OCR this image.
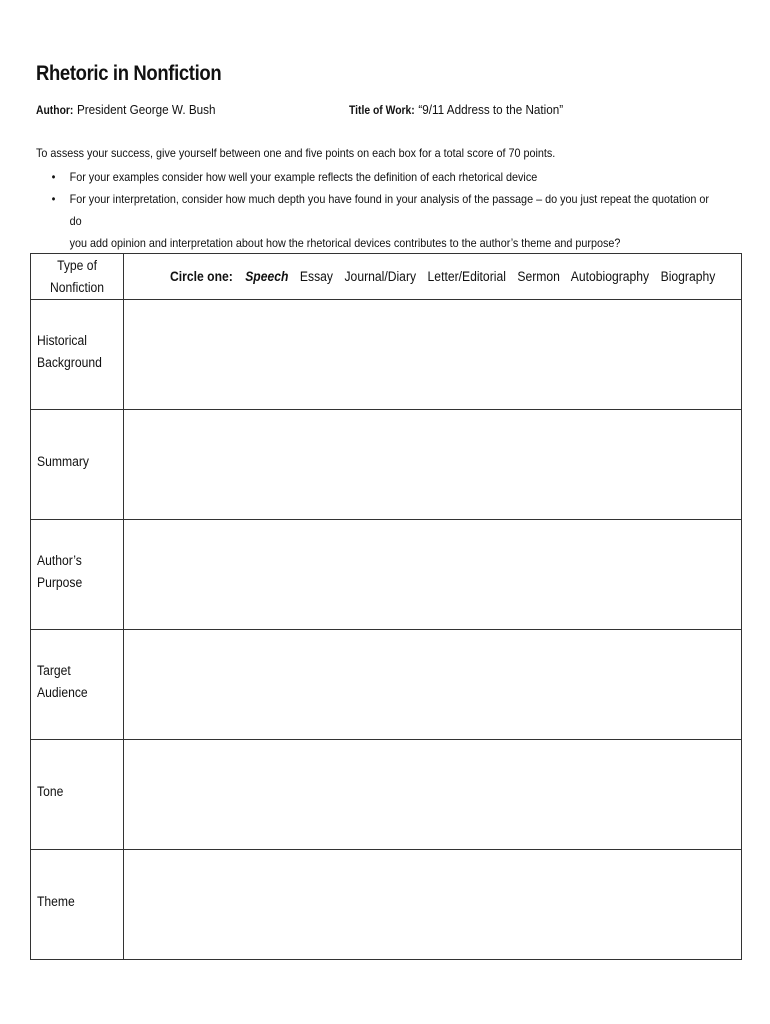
Rhetoric in Nonfiction
Author: President George W. Bush	Title of Work: “9/11 Address to the Nation”
To assess your success, give yourself between one and five points on each box for a total score of 70 points.
• For your examples consider how well your example reflects the definition of each rhetorical device
• For your interpretation, consider how much depth you have found in your analysis of the passage – do you just repeat the quotation or do
you add opinion and interpretation about how the rhetorical devices contributes to the author’s theme and purpose?
Type of
Nonfiction	Circle one: Speech Essay Journal/Diary Letter/Editorial Sermon Autobiography Biography
Historical
Background	
Summary	
Author’s
Purpose	
Target
Audience	
Tone	
Theme	
